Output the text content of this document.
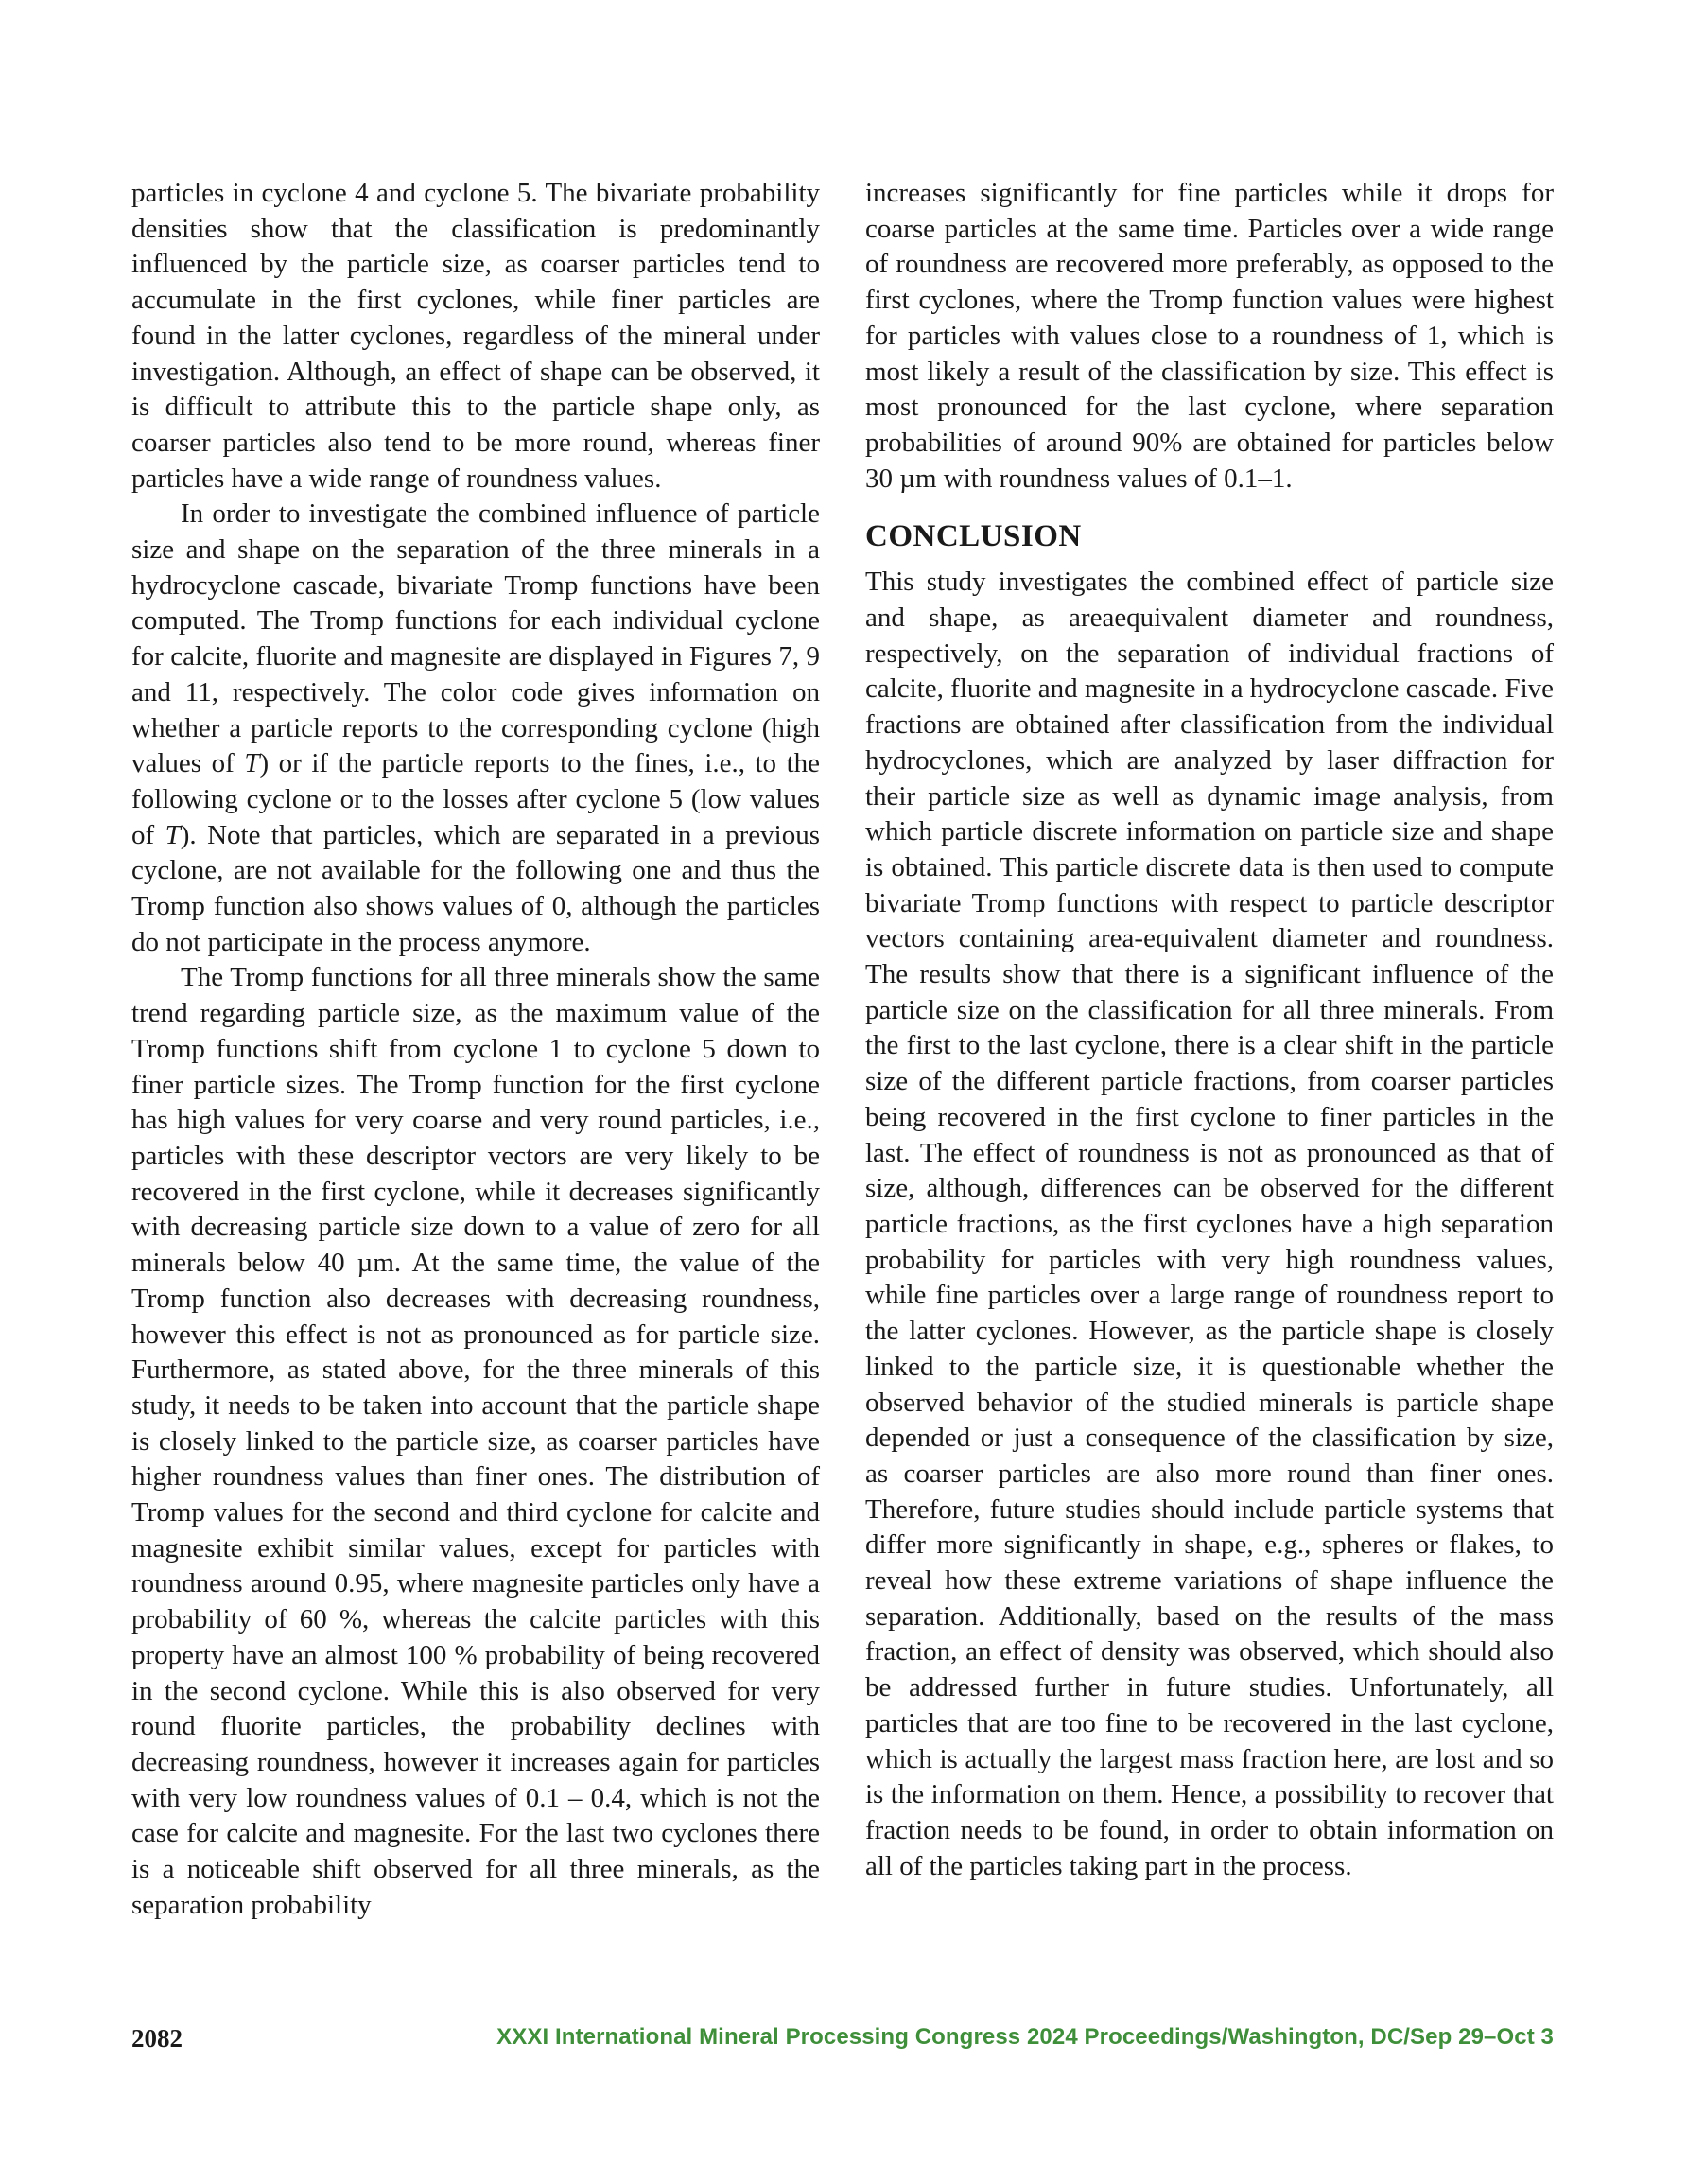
particles in cyclone 4 and cyclone 5. The bivariate probability densities show that the classification is predominantly influenced by the particle size, as coarser particles tend to accumulate in the first cyclones, while finer particles are found in the latter cyclones, regardless of the mineral under investigation. Although, an effect of shape can be observed, it is difficult to attribute this to the particle shape only, as coarser particles also tend to be more round, whereas finer particles have a wide range of roundness values.

In order to investigate the combined influence of particle size and shape on the separation of the three minerals in a hydrocyclone cascade, bivariate Tromp functions have been computed. The Tromp functions for each individual cyclone for calcite, fluorite and magnesite are displayed in Figures 7, 9 and 11, respectively. The color code gives information on whether a particle reports to the corresponding cyclone (high values of T) or if the particle reports to the fines, i.e., to the following cyclone or to the losses after cyclone 5 (low values of T). Note that particles, which are separated in a previous cyclone, are not available for the following one and thus the Tromp function also shows values of 0, although the particles do not participate in the process anymore.

The Tromp functions for all three minerals show the same trend regarding particle size, as the maximum value of the Tromp functions shift from cyclone 1 to cyclone 5 down to finer particle sizes. The Tromp function for the first cyclone has high values for very coarse and very round particles, i.e., particles with these descriptor vectors are very likely to be recovered in the first cyclone, while it decreases significantly with decreasing particle size down to a value of zero for all minerals below 40 µm. At the same time, the value of the Tromp function also decreases with decreasing roundness, however this effect is not as pronounced as for particle size. Furthermore, as stated above, for the three minerals of this study, it needs to be taken into account that the particle shape is closely linked to the particle size, as coarser particles have higher roundness values than finer ones. The distribution of Tromp values for the second and third cyclone for calcite and magnesite exhibit similar values, except for particles with roundness around 0.95, where magnesite particles only have a probability of 60 %, whereas the calcite particles with this property have an almost 100 % probability of being recovered in the second cyclone. While this is also observed for very round fluorite particles, the probability declines with decreasing roundness, however it increases again for particles with very low roundness values of 0.1 – 0.4, which is not the case for calcite and magnesite. For the last two cyclones there is a noticeable shift observed for all three minerals, as the separation probability

increases significantly for fine particles while it drops for coarse particles at the same time. Particles over a wide range of roundness are recovered more preferably, as opposed to the first cyclones, where the Tromp function values were highest for particles with values close to a roundness of 1, which is most likely a result of the classification by size. This effect is most pronounced for the last cyclone, where separation probabilities of around 90% are obtained for particles below 30 µm with roundness values of 0.1–1.

CONCLUSION

This study investigates the combined effect of particle size and shape, as areaequivalent diameter and roundness, respectively, on the separation of individual fractions of calcite, fluorite and magnesite in a hydrocyclone cascade. Five fractions are obtained after classification from the individual hydrocyclones, which are analyzed by laser diffraction for their particle size as well as dynamic image analysis, from which particle discrete information on particle size and shape is obtained. This particle discrete data is then used to compute bivariate Tromp functions with respect to particle descriptor vectors containing area-equivalent diameter and roundness. The results show that there is a significant influence of the particle size on the classification for all three minerals. From the first to the last cyclone, there is a clear shift in the particle size of the different particle fractions, from coarser particles being recovered in the first cyclone to finer particles in the last. The effect of roundness is not as pronounced as that of size, although, differences can be observed for the different particle fractions, as the first cyclones have a high separation probability for particles with very high roundness values, while fine particles over a large range of roundness report to the latter cyclones. However, as the particle shape is closely linked to the particle size, it is questionable whether the observed behavior of the studied minerals is particle shape depended or just a consequence of the classification by size, as coarser particles are also more round than finer ones. Therefore, future studies should include particle systems that differ more significantly in shape, e.g., spheres or flakes, to reveal how these extreme variations of shape influence the separation. Additionally, based on the results of the mass fraction, an effect of density was observed, which should also be addressed further in future studies. Unfortunately, all particles that are too fine to be recovered in the last cyclone, which is actually the largest mass fraction here, are lost and so is the information on them. Hence, a possibility to recover that fraction needs to be found, in order to obtain information on all of the particles taking part in the process.

2082	XXXI International Mineral Processing Congress 2024 Proceedings/Washington, DC/Sep 29–Oct 3
